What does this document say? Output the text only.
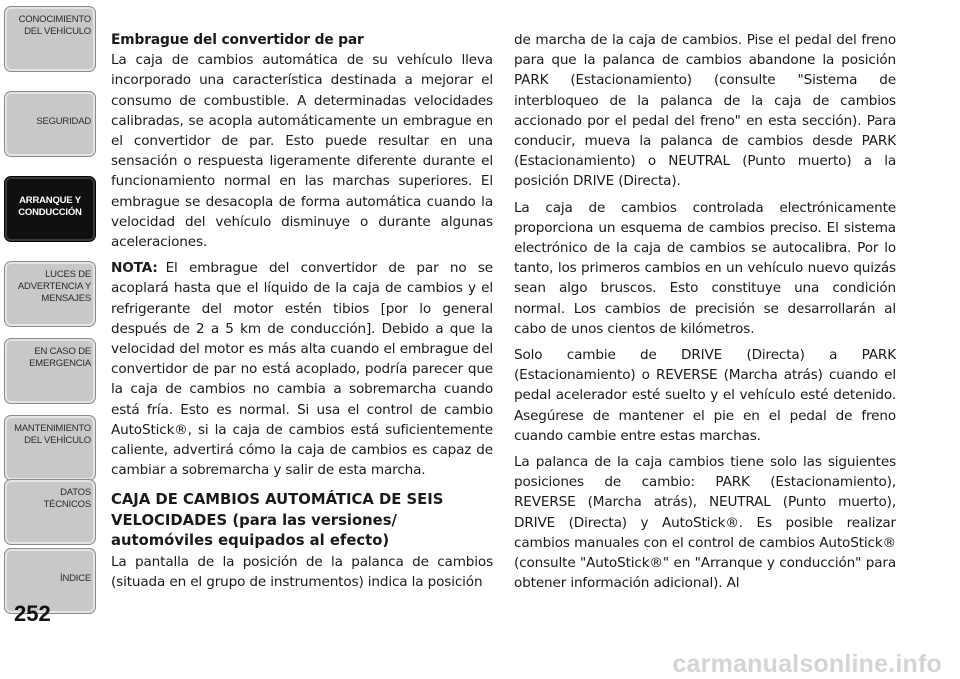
CONOCIMIENTO
DEL VEHÍCULO
SEGURIDAD
ARRANQUE Y
CONDUCCIÓN
LUCES DE
ADVERTENCIA Y
MENSAJES
EN CASO DE
EMERGENCIA
MANTENIMIENTO
DEL VEHÍCULO
DATOS
TÉCNICOS
ÍNDICE
252
Embrague del convertidor de par

La caja de cambios automática de su vehículo lleva incorporado una característica destinada a mejorar el consumo de combustible. A determinadas velocidades calibradas, se acopla automáticamente un embrague en el convertidor de par. Esto puede resultar en una sensación o respuesta ligeramente diferente durante el funcionamiento normal en las marchas superiores. El embrague se desacopla de forma automática cuando la velocidad del vehículo disminuye o durante algunas aceleraciones.

NOTA: El embrague del convertidor de par no se acoplará hasta que el líquido de la caja de cambios y el refrigerante del motor estén tibios [por lo general después de 2 a 5 km de conducción]. Debido a que la velocidad del motor es más alta cuando el embrague del convertidor de par no está acoplado, podría parecer que la caja de cambios no cambia a sobremarcha cuando está fría. Esto es normal. Si usa el control de cambio AutoStick®, si la caja de cambios está suficientemente caliente, advertirá cómo la caja de cambios es capaz de cambiar a sobremarcha y salir de esta marcha.

CAJA DE CAMBIOS AUTOMÁTICA DE SEIS VELOCIDADES (para las versiones/ automóviles equipados al efecto)

La pantalla de la posición de la palanca de cambios (situada en el grupo de instrumentos) indica la posición

de marcha de la caja de cambios. Pise el pedal del freno para que la palanca de cambios abandone la posición PARK (Estacionamiento) (consulte "Sistema de interbloqueo de la palanca de la caja de cambios accionado por el pedal del freno" en esta sección). Para conducir, mueva la palanca de cambios desde PARK (Estacionamiento) o NEUTRAL (Punto muerto) a la posición DRIVE (Directa).

La caja de cambios controlada electrónicamente proporciona un esquema de cambios preciso. El sistema electrónico de la caja de cambios se autocalibra. Por lo tanto, los primeros cambios en un vehículo nuevo quizás sean algo bruscos. Esto constituye una condición normal. Los cambios de precisión se desarrollarán al cabo de unos cientos de kilómetros.

Solo cambie de DRIVE (Directa) a PARK (Estacionamiento) o REVERSE (Marcha atrás) cuando el pedal acelerador esté suelto y el vehículo esté detenido. Asegúrese de mantener el pie en el pedal de freno cuando cambie entre estas marchas.

La palanca de la caja cambios tiene solo las siguientes posiciones de cambio: PARK (Estacionamiento), REVERSE (Marcha atrás), NEUTRAL (Punto muerto), DRIVE (Directa) y AutoStick®. Es posible realizar cambios manuales con el control de cambios AutoStick® (consulte "AutoStick®" en "Arranque y conducción" para obtener información adicional). Al

carmanualsonline.info
